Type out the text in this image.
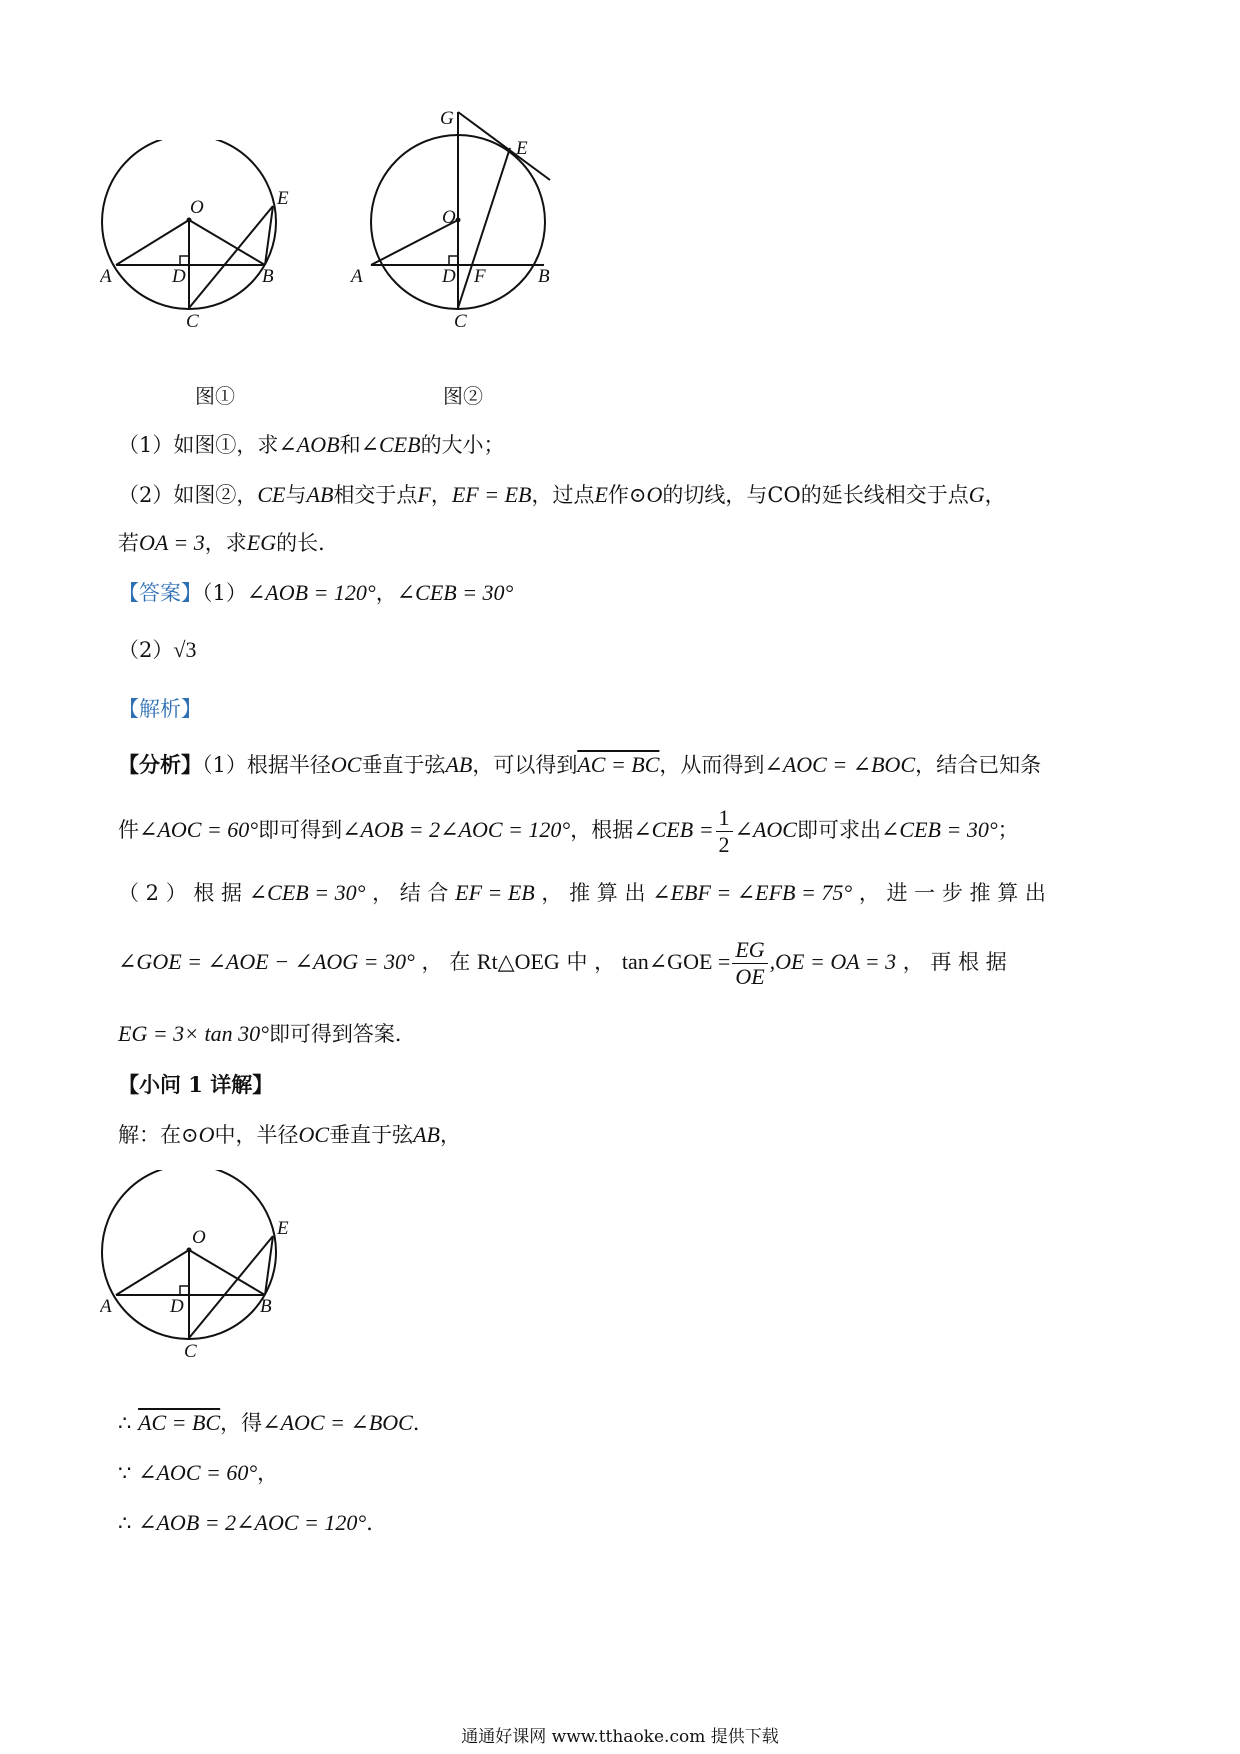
O	E
A	D	B
C
图①
G
E
O
A	D F	B
C
图②
（1）如图①，求∠AOB和∠CEB的大小；
（2）如图②，CE与AB相交于点F，EF = EB，过点E作⊙O的切线，与CO的延长线相交于点G，
若OA = 3，求EG的长．
【答案】（1）∠AOB = 120°，∠CEB = 30°
（2）√3
【解析】
【分析】（1）根据半径OC垂直于弦AB，可以得到AC = BC，从而得到∠AOC = ∠BOC，结合已知条
件∠AOC = 60°即可得到∠AOB = 2∠AOC = 120°，根据∠CEB = $\frac{1}{2}$ ∠AOC即可求出∠CEB = 30°；
（ 2 ） 根 据 ∠CEB = 30° ， 结 合 EF = EB ， 推 算 出 ∠EBF = ∠EFB = 75° ， 进 一 步 推 算 出
∠GOE = ∠AOE − ∠AOG = 30° ， 在 Rt△OEG 中 ， tan∠GOE = $\frac{EG}{OE} ,OE$ = OA = 3 ， 再 根 据
EG = 3× tan 30°即可得到答案．
【小问 1 详解】
解：在⊙O中，半径OC垂直于弦AB，
O	E
A	D	B
C
∴ AC = BC，得∠AOC = ∠BOC．
∵ ∠AOC = 60°，
∴ ∠AOB = 2∠AOC = 120°．
通通好课网 www.tthaoke.com 提供下载
